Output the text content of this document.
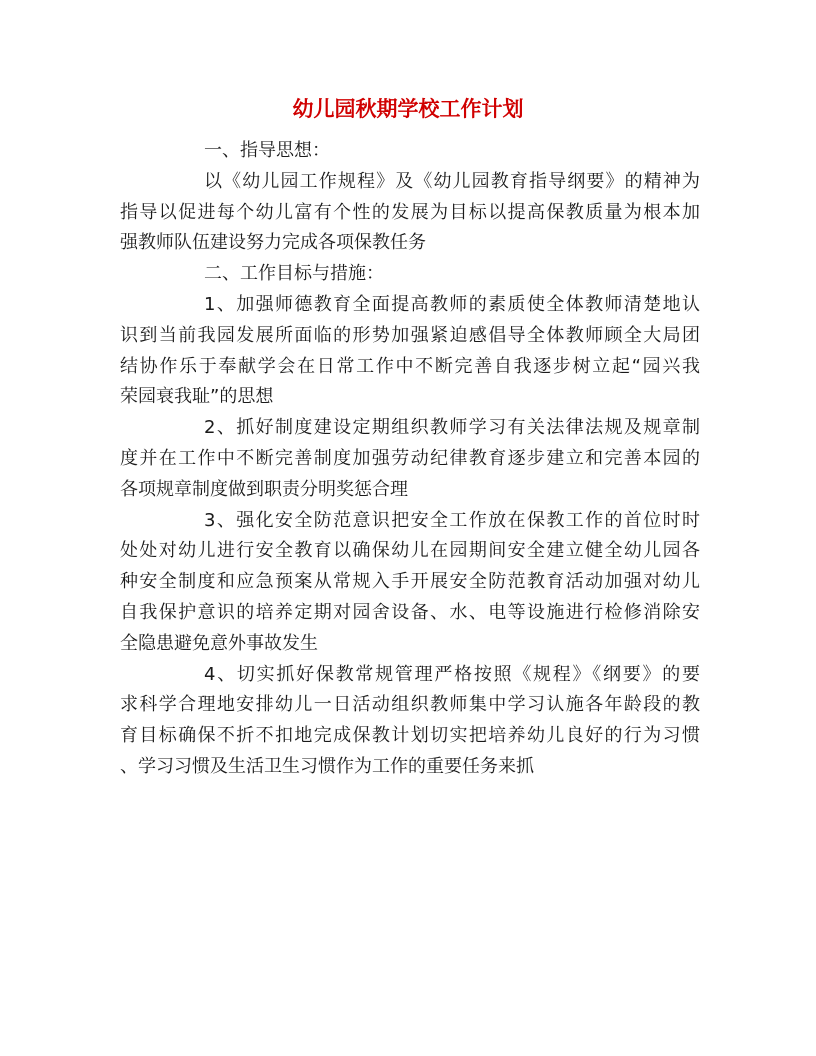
幼儿园秋期学校工作计划
一、指导思想：
以《幼儿园工作规程》及《幼儿园教育指导纲要》的精神为
指导以促进每个幼儿富有个性的发展为目标以提高保教质量为根本加
强教师队伍建设努力完成各项保教任务
二、工作目标与措施：
1、加强师德教育全面提高教师的素质使全体教师清楚地认
识到当前我园发展所面临的形势加强紧迫感倡导全体教师顾全大局团
结协作乐于奉献学会在日常工作中不断完善自我逐步树立起“园兴我
荣园衰我耻”的思想
2、抓好制度建设定期组织教师学习有关法律法规及规章制
度并在工作中不断完善制度加强劳动纪律教育逐步建立和完善本园的
各项规章制度做到职责分明奖惩合理
3、强化安全防范意识把安全工作放在保教工作的首位时时
处处对幼儿进行安全教育以确保幼儿在园期间安全建立健全幼儿园各
种安全制度和应急预案从常规入手开展安全防范教育活动加强对幼儿
自我保护意识的培养定期对园舍设备、水、电等设施进行检修消除安
全隐患避免意外事故发生
4、切实抓好保教常规管理严格按照《规程》《纲要》的要
求科学合理地安排幼儿一日活动组织教师集中学习认施各年龄段的教
育目标确保不折不扣地完成保教计划切实把培养幼儿良好的行为习惯
、学习习惯及生活卫生习惯作为工作的重要任务来抓
